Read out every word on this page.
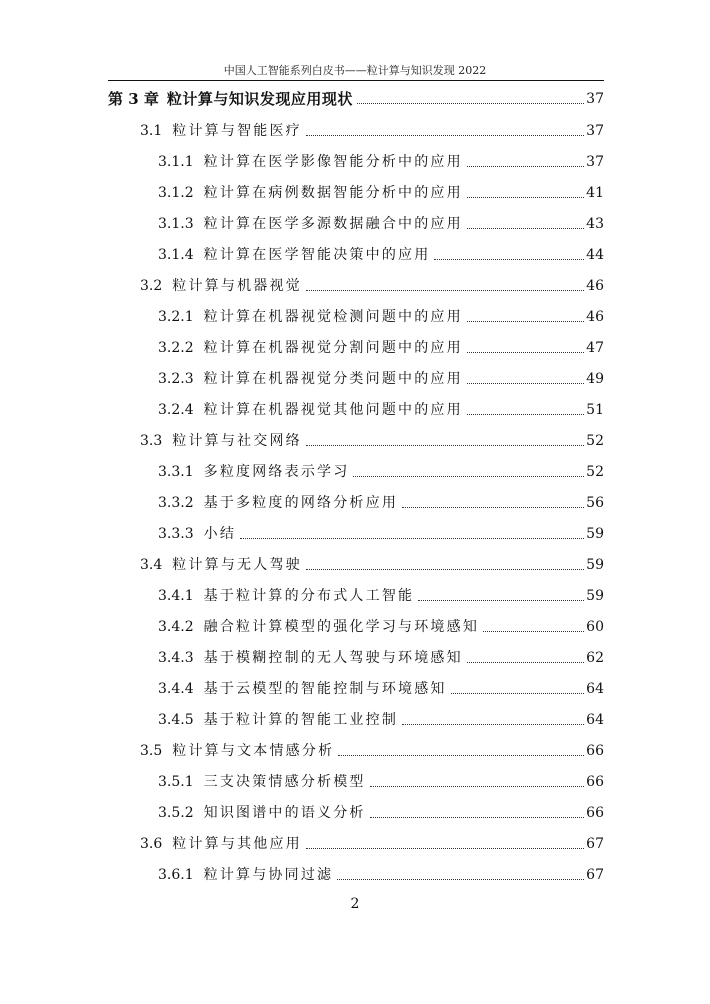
中国人工智能系列白皮书——粒计算与知识发现 2022
第 3 章 粒计算与知识发现应用现状	37
3.1 粒计算与智能医疗	37
3.1.1 粒计算在医学影像智能分析中的应用	37
3.1.2 粒计算在病例数据智能分析中的应用	41
3.1.3 粒计算在医学多源数据融合中的应用	43
3.1.4 粒计算在医学智能决策中的应用	44
3.2 粒计算与机器视觉	46
3.2.1 粒计算在机器视觉检测问题中的应用	46
3.2.2 粒计算在机器视觉分割问题中的应用	47
3.2.3 粒计算在机器视觉分类问题中的应用	49
3.2.4 粒计算在机器视觉其他问题中的应用	51
3.3 粒计算与社交网络	52
3.3.1 多粒度网络表示学习	52
3.3.2 基于多粒度的网络分析应用	56
3.3.3 小结	59
3.4 粒计算与无人驾驶	59
3.4.1 基于粒计算的分布式人工智能	59
3.4.2 融合粒计算模型的强化学习与环境感知	60
3.4.3 基于模糊控制的无人驾驶与环境感知	62
3.4.4 基于云模型的智能控制与环境感知	64
3.4.5 基于粒计算的智能工业控制	64
3.5 粒计算与文本情感分析	66
3.5.1 三支决策情感分析模型	66
3.5.2 知识图谱中的语义分析	66
3.6 粒计算与其他应用	67
3.6.1 粒计算与协同过滤	67
2
